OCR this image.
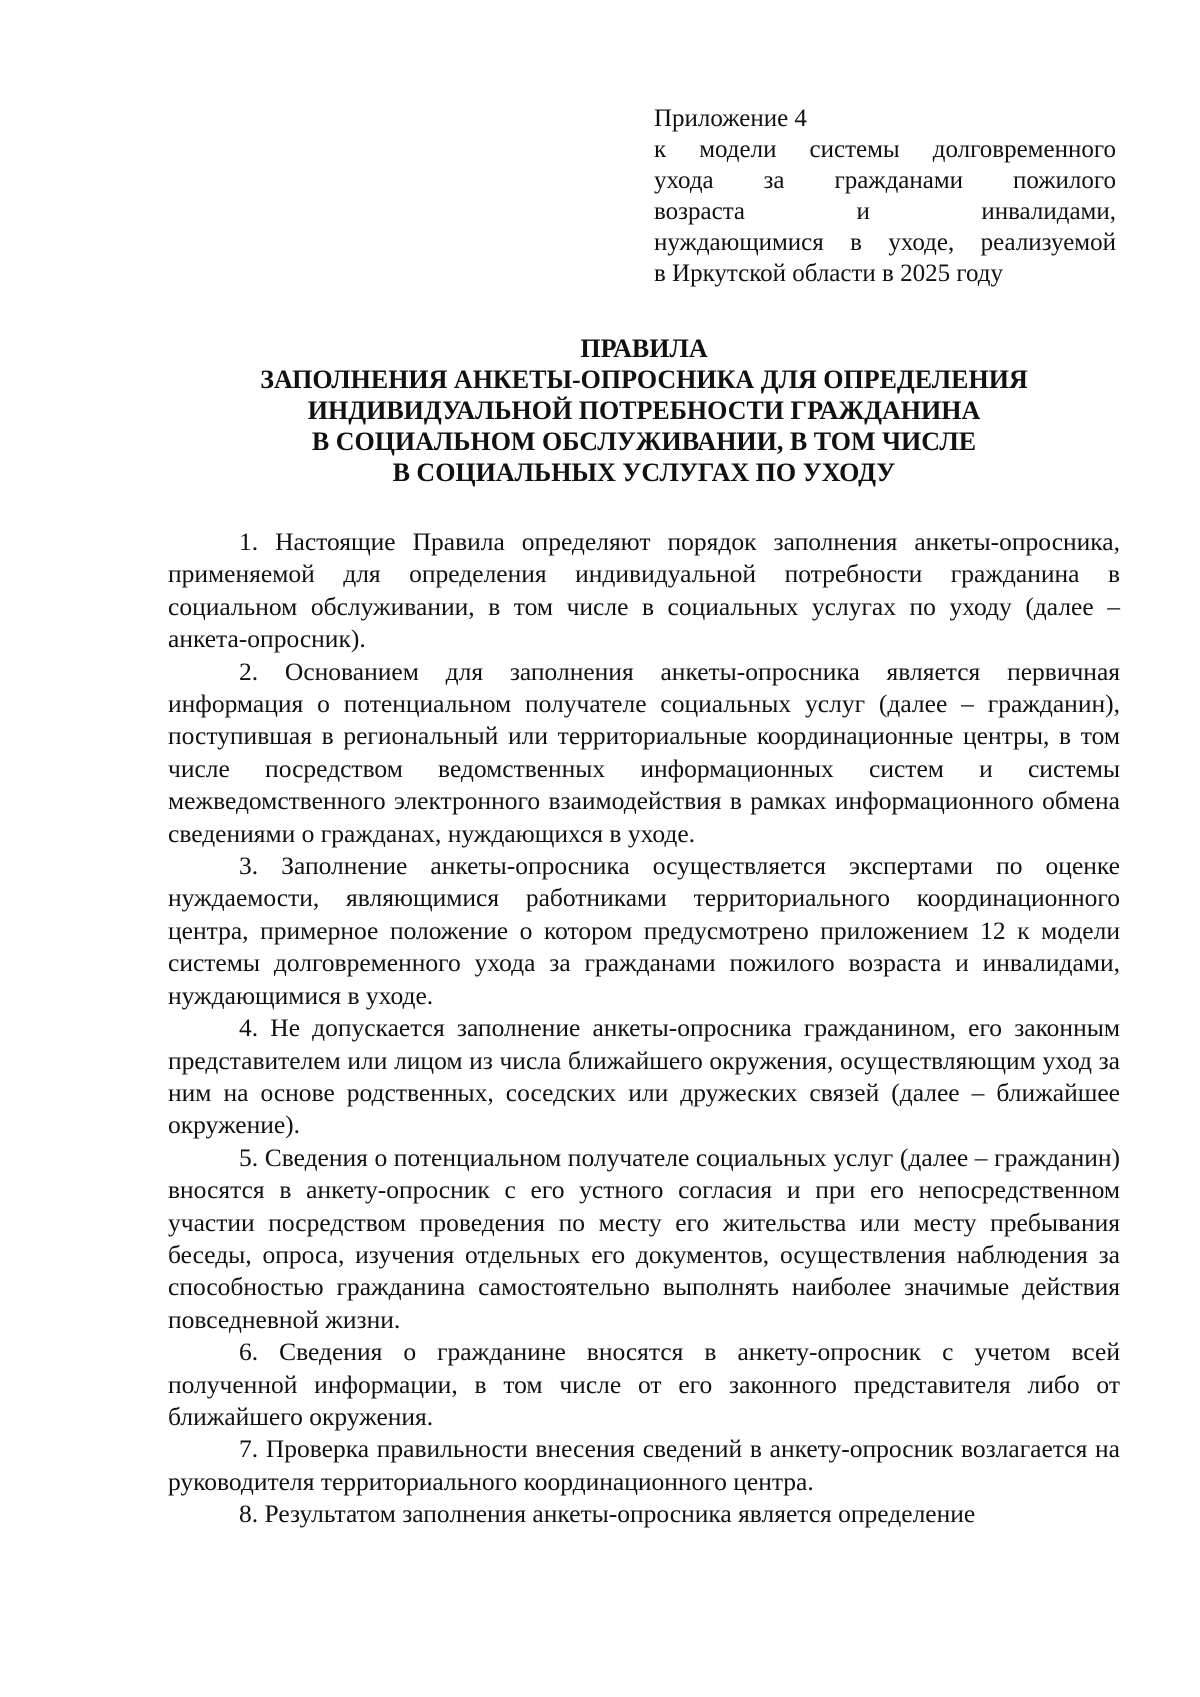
Приложение 4
к модели системы долговременного
ухода за гражданами пожилого
возраста и инвалидами,
нуждающимися в уходе, реализуемой
в Иркутской области в 2025 году
ПРАВИЛА
ЗАПОЛНЕНИЯ АНКЕТЫ-ОПРОСНИКА ДЛЯ ОПРЕДЕЛЕНИЯ
ИНДИВИДУАЛЬНОЙ ПОТРЕБНОСТИ ГРАЖДАНИНА
В СОЦИАЛЬНОМ ОБСЛУЖИВАНИИ, В ТОМ ЧИСЛЕ
В СОЦИАЛЬНЫХ УСЛУГАХ ПО УХОДУ

1. Настоящие Правила определяют порядок заполнения анкеты-опросника, применяемой для определения индивидуальной потребности гражданина в социальном обслуживании, в том числе в социальных услугах по уходу (далее – анкета-опросник).

2. Основанием для заполнения анкеты-опросника является первичная информация о потенциальном получателе социальных услуг (далее – гражданин), поступившая в региональный или территориальные координационные центры, в том числе посредством ведомственных информационных систем и системы межведомственного электронного взаимодействия в рамках информационного обмена сведениями о гражданах, нуждающихся в уходе.

3. Заполнение анкеты-опросника осуществляется экспертами по оценке нуждаемости, являющимися работниками территориального координационного центра, примерное положение о котором предусмотрено приложением 12 к модели системы долговременного ухода за гражданами пожилого возраста и инвалидами, нуждающимися в уходе.

4. Не допускается заполнение анкеты-опросника гражданином, его законным представителем или лицом из числа ближайшего окружения, осуществляющим уход за ним на основе родственных, соседских или дружеских связей (далее – ближайшее окружение).

5. Сведения о потенциальном получателе социальных услуг (далее – гражданин) вносятся в анкету-опросник с его устного согласия и при его непосредственном участии посредством проведения по месту его жительства или месту пребывания беседы, опроса, изучения отдельных его документов, осуществления наблюдения за способностью гражданина самостоятельно выполнять наиболее значимые действия повседневной жизни.

6. Сведения о гражданине вносятся в анкету-опросник с учетом всей полученной информации, в том числе от его законного представителя либо от ближайшего окружения.

7. Проверка правильности внесения сведений в анкету-опросник возлагается на руководителя территориального координационного центра.

8. Результатом заполнения анкеты-опросника является определение
